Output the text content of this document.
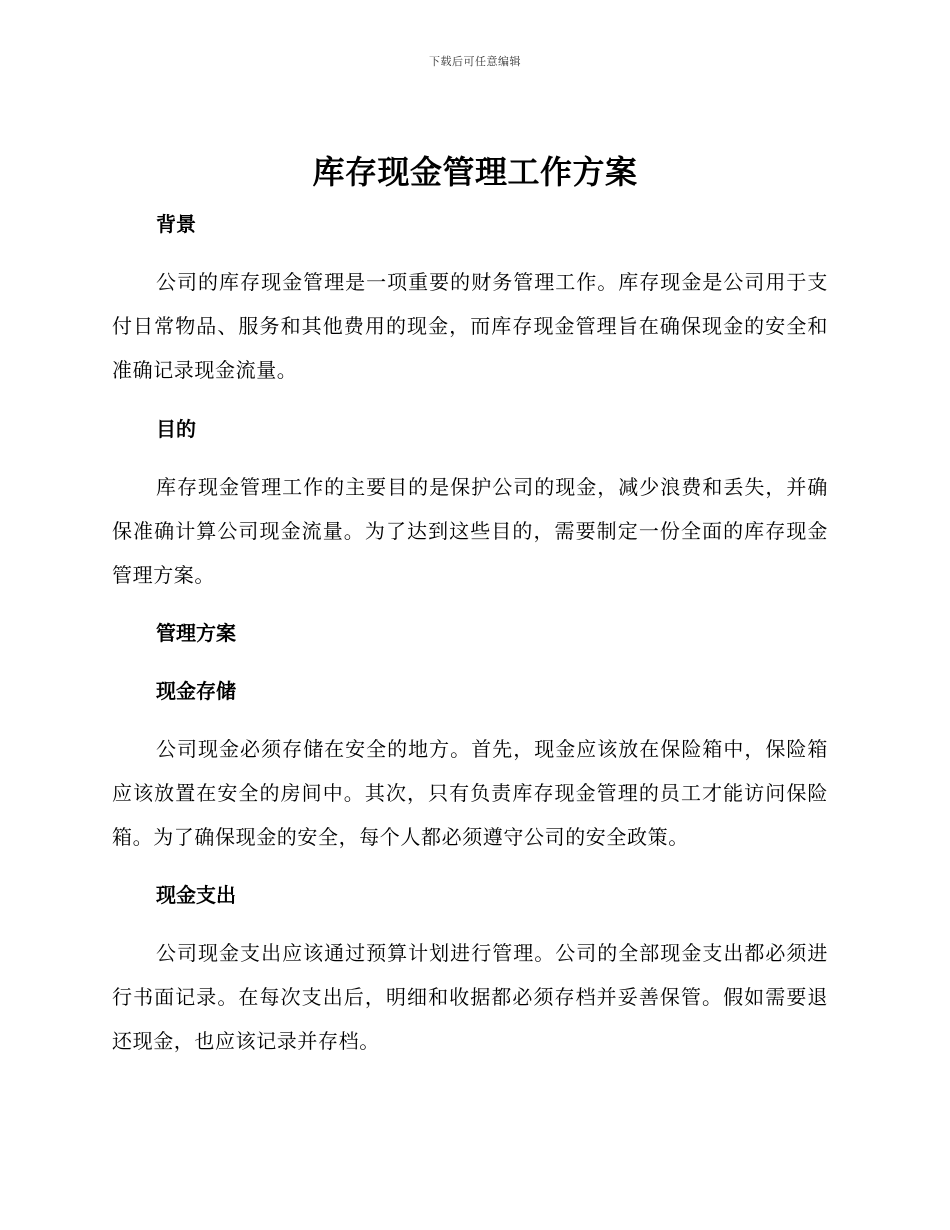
下载后可任意编辑
库存现金管理工作方案
背景

公司的库存现金管理是一项重要的财务管理工作。库存现金是公司用于支付日常物品、服务和其他费用的现金，而库存现金管理旨在确保现金的安全和准确记录现金流量。

目的

库存现金管理工作的主要目的是保护公司的现金，减少浪费和丢失，并确保准确计算公司现金流量。为了达到这些目的，需要制定一份全面的库存现金管理方案。

管理方案
现金存储

公司现金必须存储在安全的地方。首先，现金应该放在保险箱中，保险箱应该放置在安全的房间中。其次，只有负责库存现金管理的员工才能访问保险箱。为了确保现金的安全，每个人都必须遵守公司的安全政策。

现金支出

公司现金支出应该通过预算计划进行管理。公司的全部现金支出都必须进行书面记录。在每次支出后，明细和收据都必须存档并妥善保管。假如需要退还现金，也应该记录并存档。
